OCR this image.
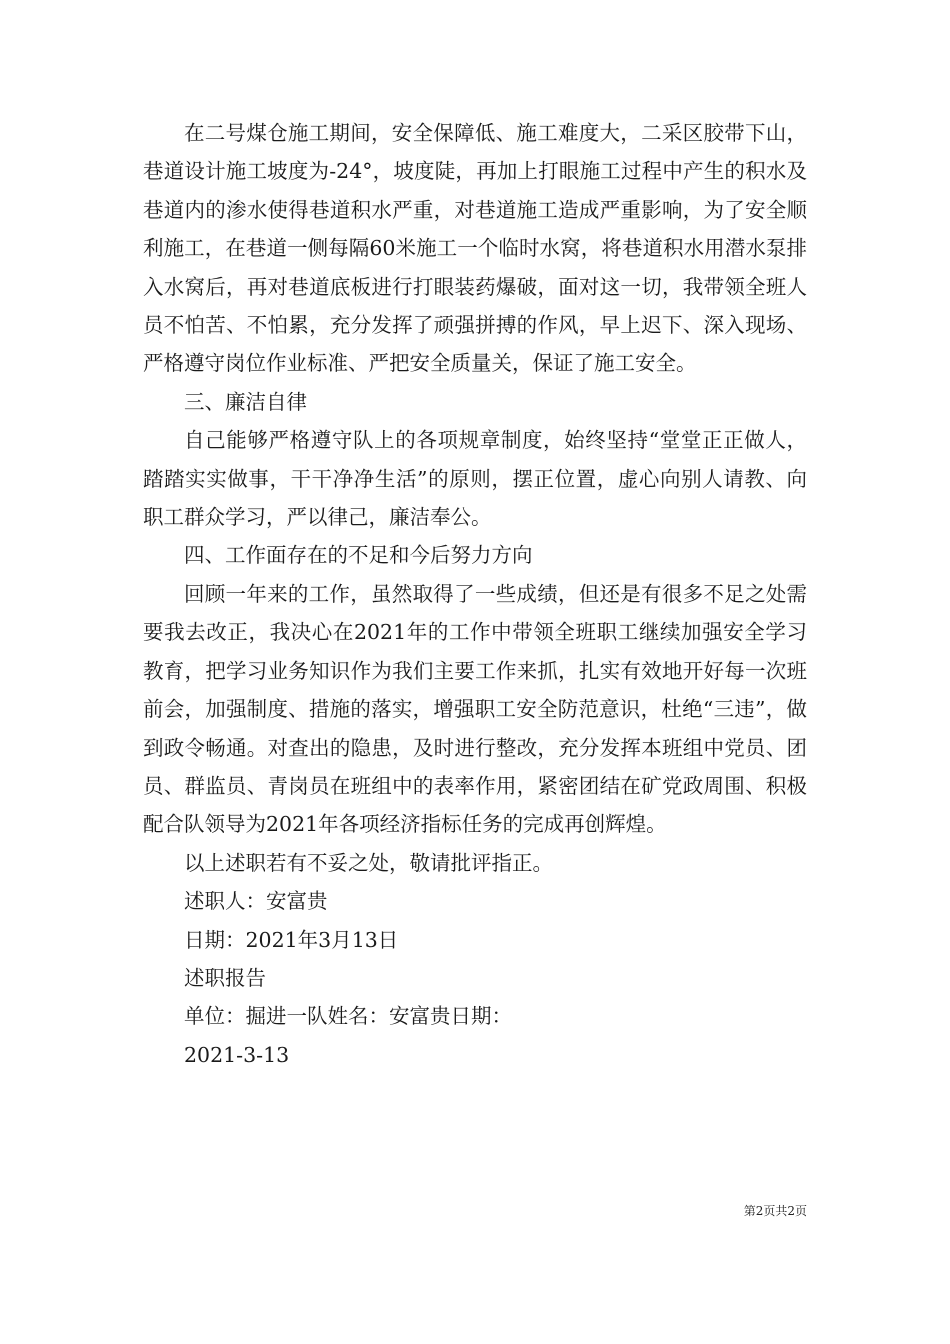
在二号煤仓施工期间，安全保障低、施工难度大，二采区胶带下山，巷道设计施工坡度为-24°，坡度陡，再加上打眼施工过程中产生的积水及巷道内的渗水使得巷道积水严重，对巷道施工造成严重影响，为了安全顺利施工，在巷道一侧每隔60米施工一个临时水窝，将巷道积水用潜水泵排入水窝后，再对巷道底板进行打眼装药爆破，面对这一切，我带领全班人员不怕苦、不怕累，充分发挥了顽强拼搏的作风，早上迟下、深入现场、严格遵守岗位作业标准、严把安全质量关，保证了施工安全。

三、廉洁自律

自己能够严格遵守队上的各项规章制度，始终坚持“堂堂正正做人，踏踏实实做事，干干净净生活”的原则，摆正位置，虚心向别人请教、向职工群众学习，严以律己，廉洁奉公。

四、工作面存在的不足和今后努力方向

回顾一年来的工作，虽然取得了一些成绩，但还是有很多不足之处需要我去改正，我决心在2021年的工作中带领全班职工继续加强安全学习教育，把学习业务知识作为我们主要工作来抓，扎实有效地开好每一次班前会，加强制度、措施的落实，增强职工安全防范意识，杜绝“三违”，做到政令畅通。对查出的隐患，及时进行整改，充分发挥本班组中党员、团员、群监员、青岗员在班组中的表率作用，紧密团结在矿党政周围、积极配合队领导为2021年各项经济指标任务的完成再创辉煌。

以上述职若有不妥之处，敬请批评指正。

述职人：安富贵

日期：2021年3月13日

述职报告

单位：掘进一队姓名：安富贵日期：

2021-3-13

第2页共2页
